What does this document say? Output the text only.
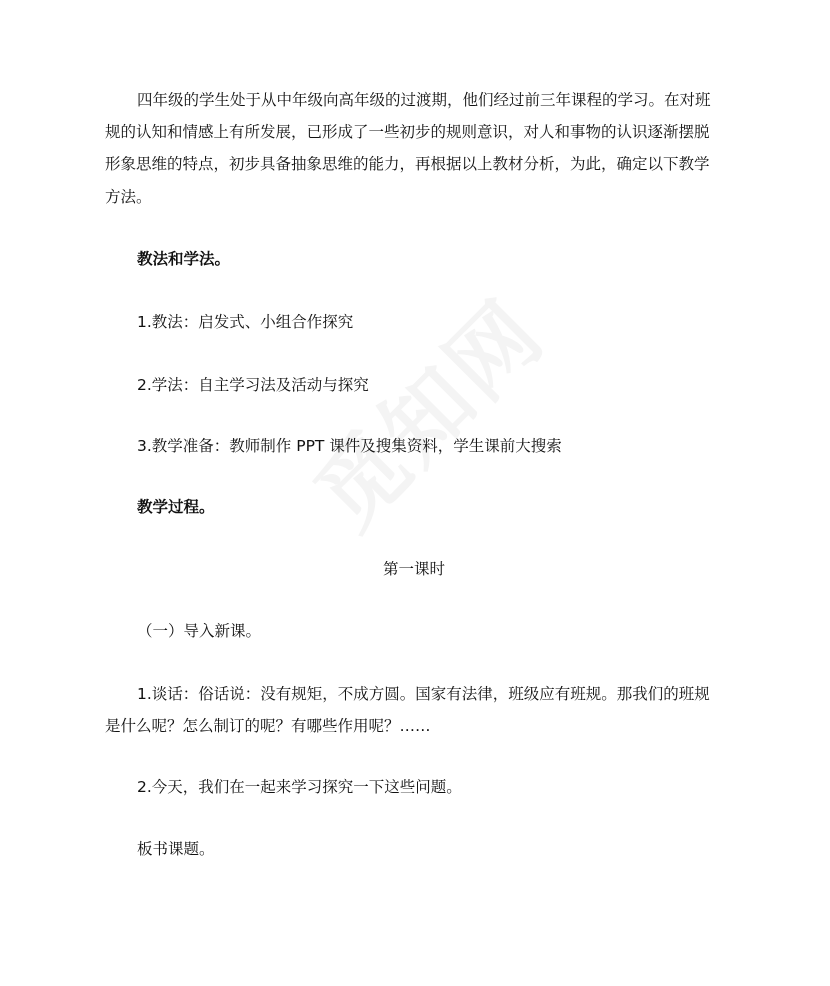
四年级的学生处于从中年级向高年级的过渡期，他们经过前三年课程的学习。在对班

规的认知和情感上有所发展，已形成了一些初步的规则意识，对人和事物的认识逐渐摆脱

形象思维的特点，初步具备抽象思维的能力，再根据以上教材分析，为此，确定以下教学

方法。

教法和学法。

1.教法：启发式、小组合作探究

2.学法：自主学习法及活动与探究

3.教学准备：教师制作 PPT 课件及搜集资料，学生课前大搜索

教学过程。

第一课时

（一）导入新课。

1.谈话：俗话说：没有规矩，不成方圆。国家有法律，班级应有班规。那我们的班规

是什么呢？怎么制订的呢？有哪些作用呢？……

2.今天，我们在一起来学习探究一下这些问题。

板书课题。
